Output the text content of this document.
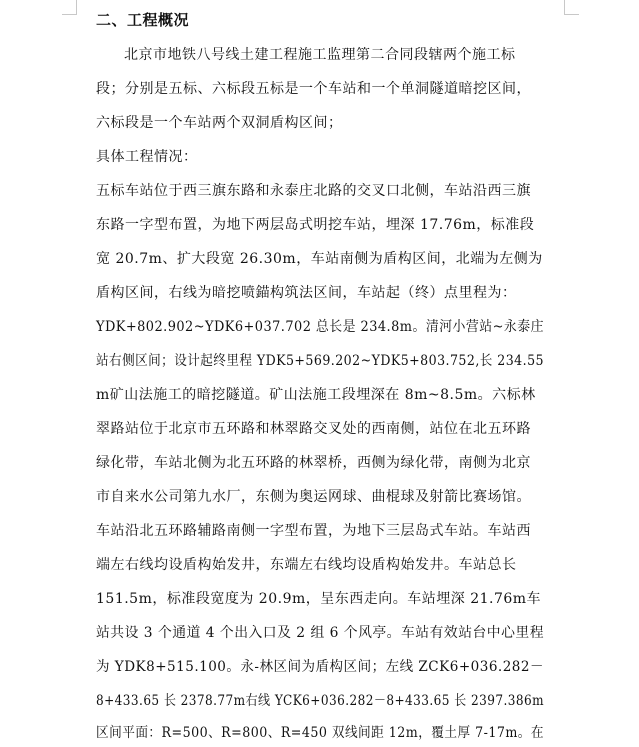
二、工程概况
北京市地铁八号线土建工程施工监理第二合同段辖两个施工标
段；分别是五标、六标段五标是一个车站和一个单洞隧道暗挖区间，
六标段是一个车站两个双洞盾构区间；
具体工程情况：
五标车站位于西三旗东路和永泰庄北路的交叉口北侧，车站沿西三旗
东路一字型布置，为地下两层岛式明挖车站，埋深 17.76m，标准段
宽 20.7m、扩大段宽 26.30m，车站南侧为盾构区间，北端为左侧为
盾构区间，右线为暗挖喷錨构筑法区间，车站起（终）点里程为：
YDK+802.902~YDK6+037.702 总长是 234.8m。清河小营站~永泰庄
站右侧区间；设计起终里程 YDK5+569.202~YDK5+803.752,长 234.55
m矿山法施工的暗挖隧道。矿山法施工段埋深在 8m~8.5m。六标林
翠路站位于北京市五环路和林翠路交叉处的西南侧，站位在北五环路
绿化带，车站北侧为北五环路的林翠桥，西侧为绿化带，南侧为北京
市自来水公司第九水厂，东侧为奥运网球、曲棍球及射箭比赛场馆。
车站沿北五环路辅路南侧一字型布置，为地下三层岛式车站。车站西
端左右线均设盾构始发井，东端左右线均设盾构始发井。车站总长
151.5m，标准段宽度为 20.9m，呈东西走向。车站埋深 21.76m车
站共设 3 个通道 4 个出入口及 2 组 6 个风亭。车站有效站台中心里程
为 YDK8+515.100。永-林区间为盾构区间；左线 ZCK6+036.282－
8+433.65 长 2378.77m右线 YCK6+036.282－8+433.65 长 2397.386m
区间平面：R=500、R=800、R=450 双线间距 12m，覆土厚 7-17m。在
